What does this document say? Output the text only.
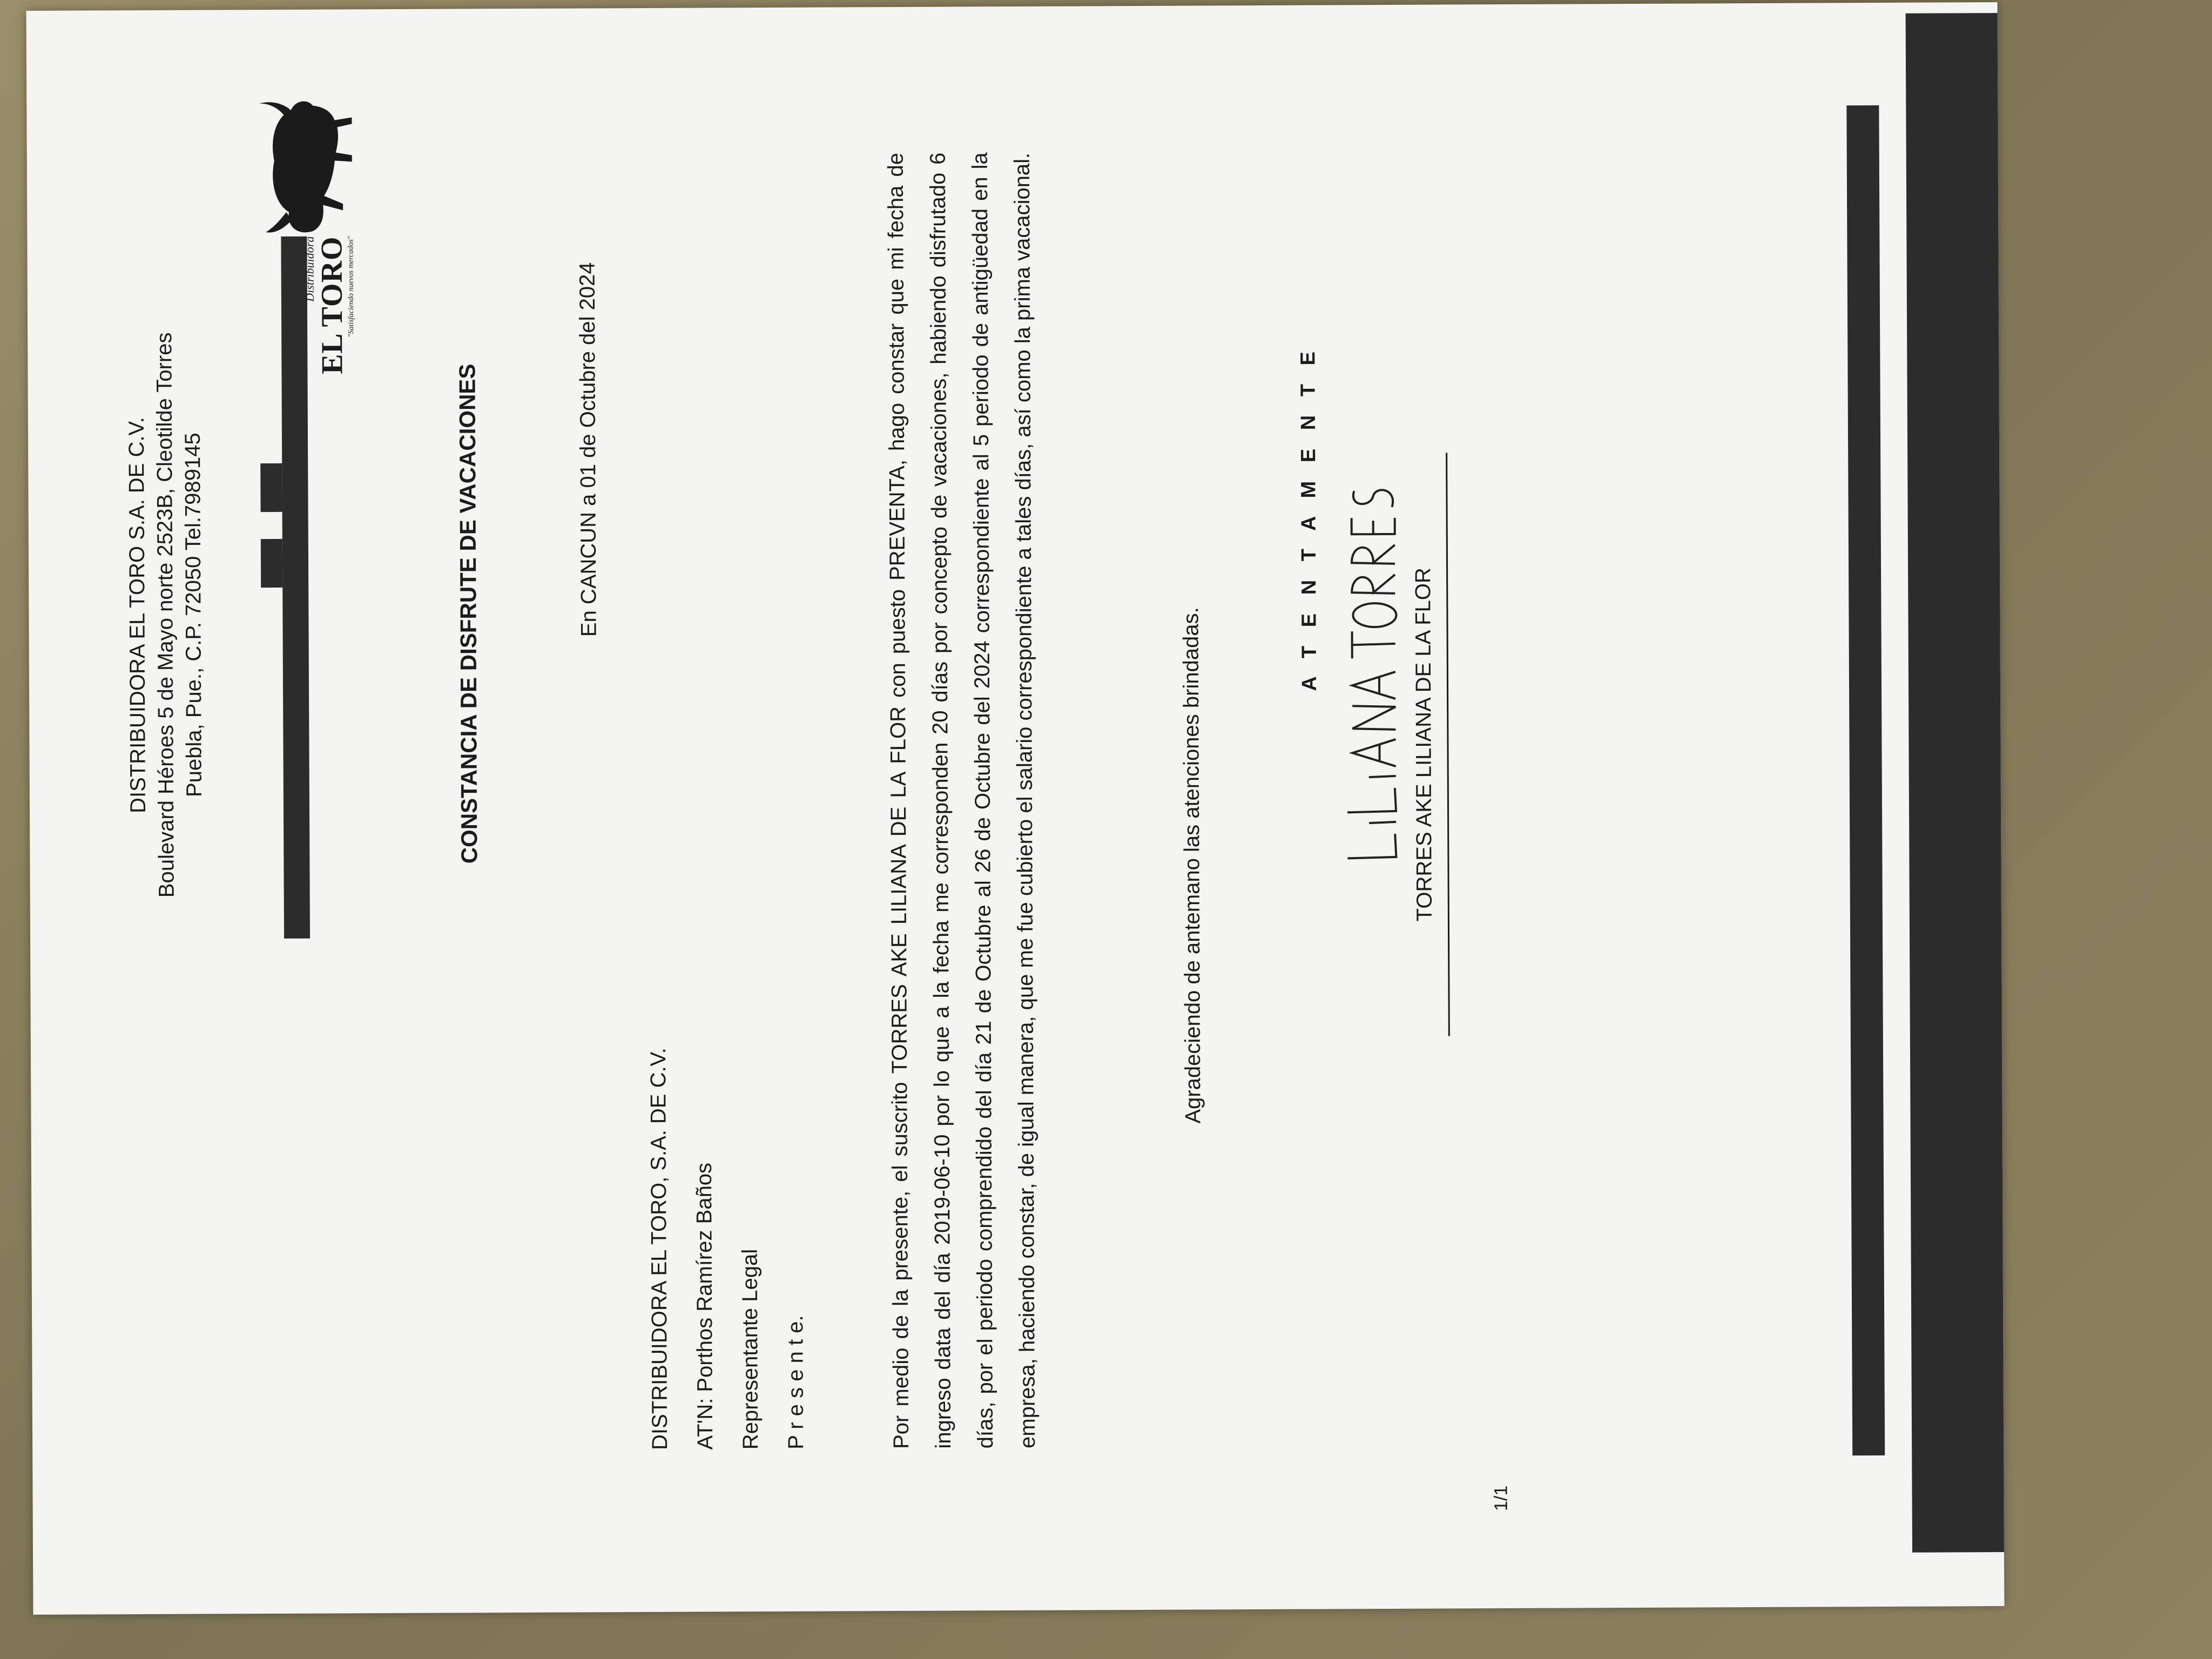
DISTRIBUIDORA EL TORO S.A. DE C.V. Boulevard Héroes 5 de Mayo norte 2523B, Cleotilde Torres Puebla, Pue., C.P. 72050 Tel.7989145
Distribuidora
EL TORO
"Satisfaciendo nuevos mercados"
CONSTANCIA DE DISFRUTE DE VACACIONES	En CANCUN a 01 de Octubre del 2024
DISTRIBUIDORA EL TORO, S.A. DE C.V. AT'N: Porthos Ramírez Baños Representante Legal P r e s e n t e.	Por medio de la presente, el suscrito TORRES AKE LILIANA DE LA FLOR con puesto PREVENTA, hago constar que mi fecha de ingreso data del día 2019-06-10 por lo que a la fecha me corresponden 20 días por concepto de vacaciones, habiendo disfrutado 6 días, por el periodo comprendido del día 21 de Octubre al 26 de Octubre del 2024 correspondiente al 5 periodo de antigüedad en la empresa, haciendo constar, de igual manera, que me fue cubierto el salario correspondiente a tales días, así como la prima vacacional.	Agradeciendo de antemano las atenciones brindadas.
A T E N T A M E N T E
TORRES AKE LILIANA DE LA FLOR
1/1
